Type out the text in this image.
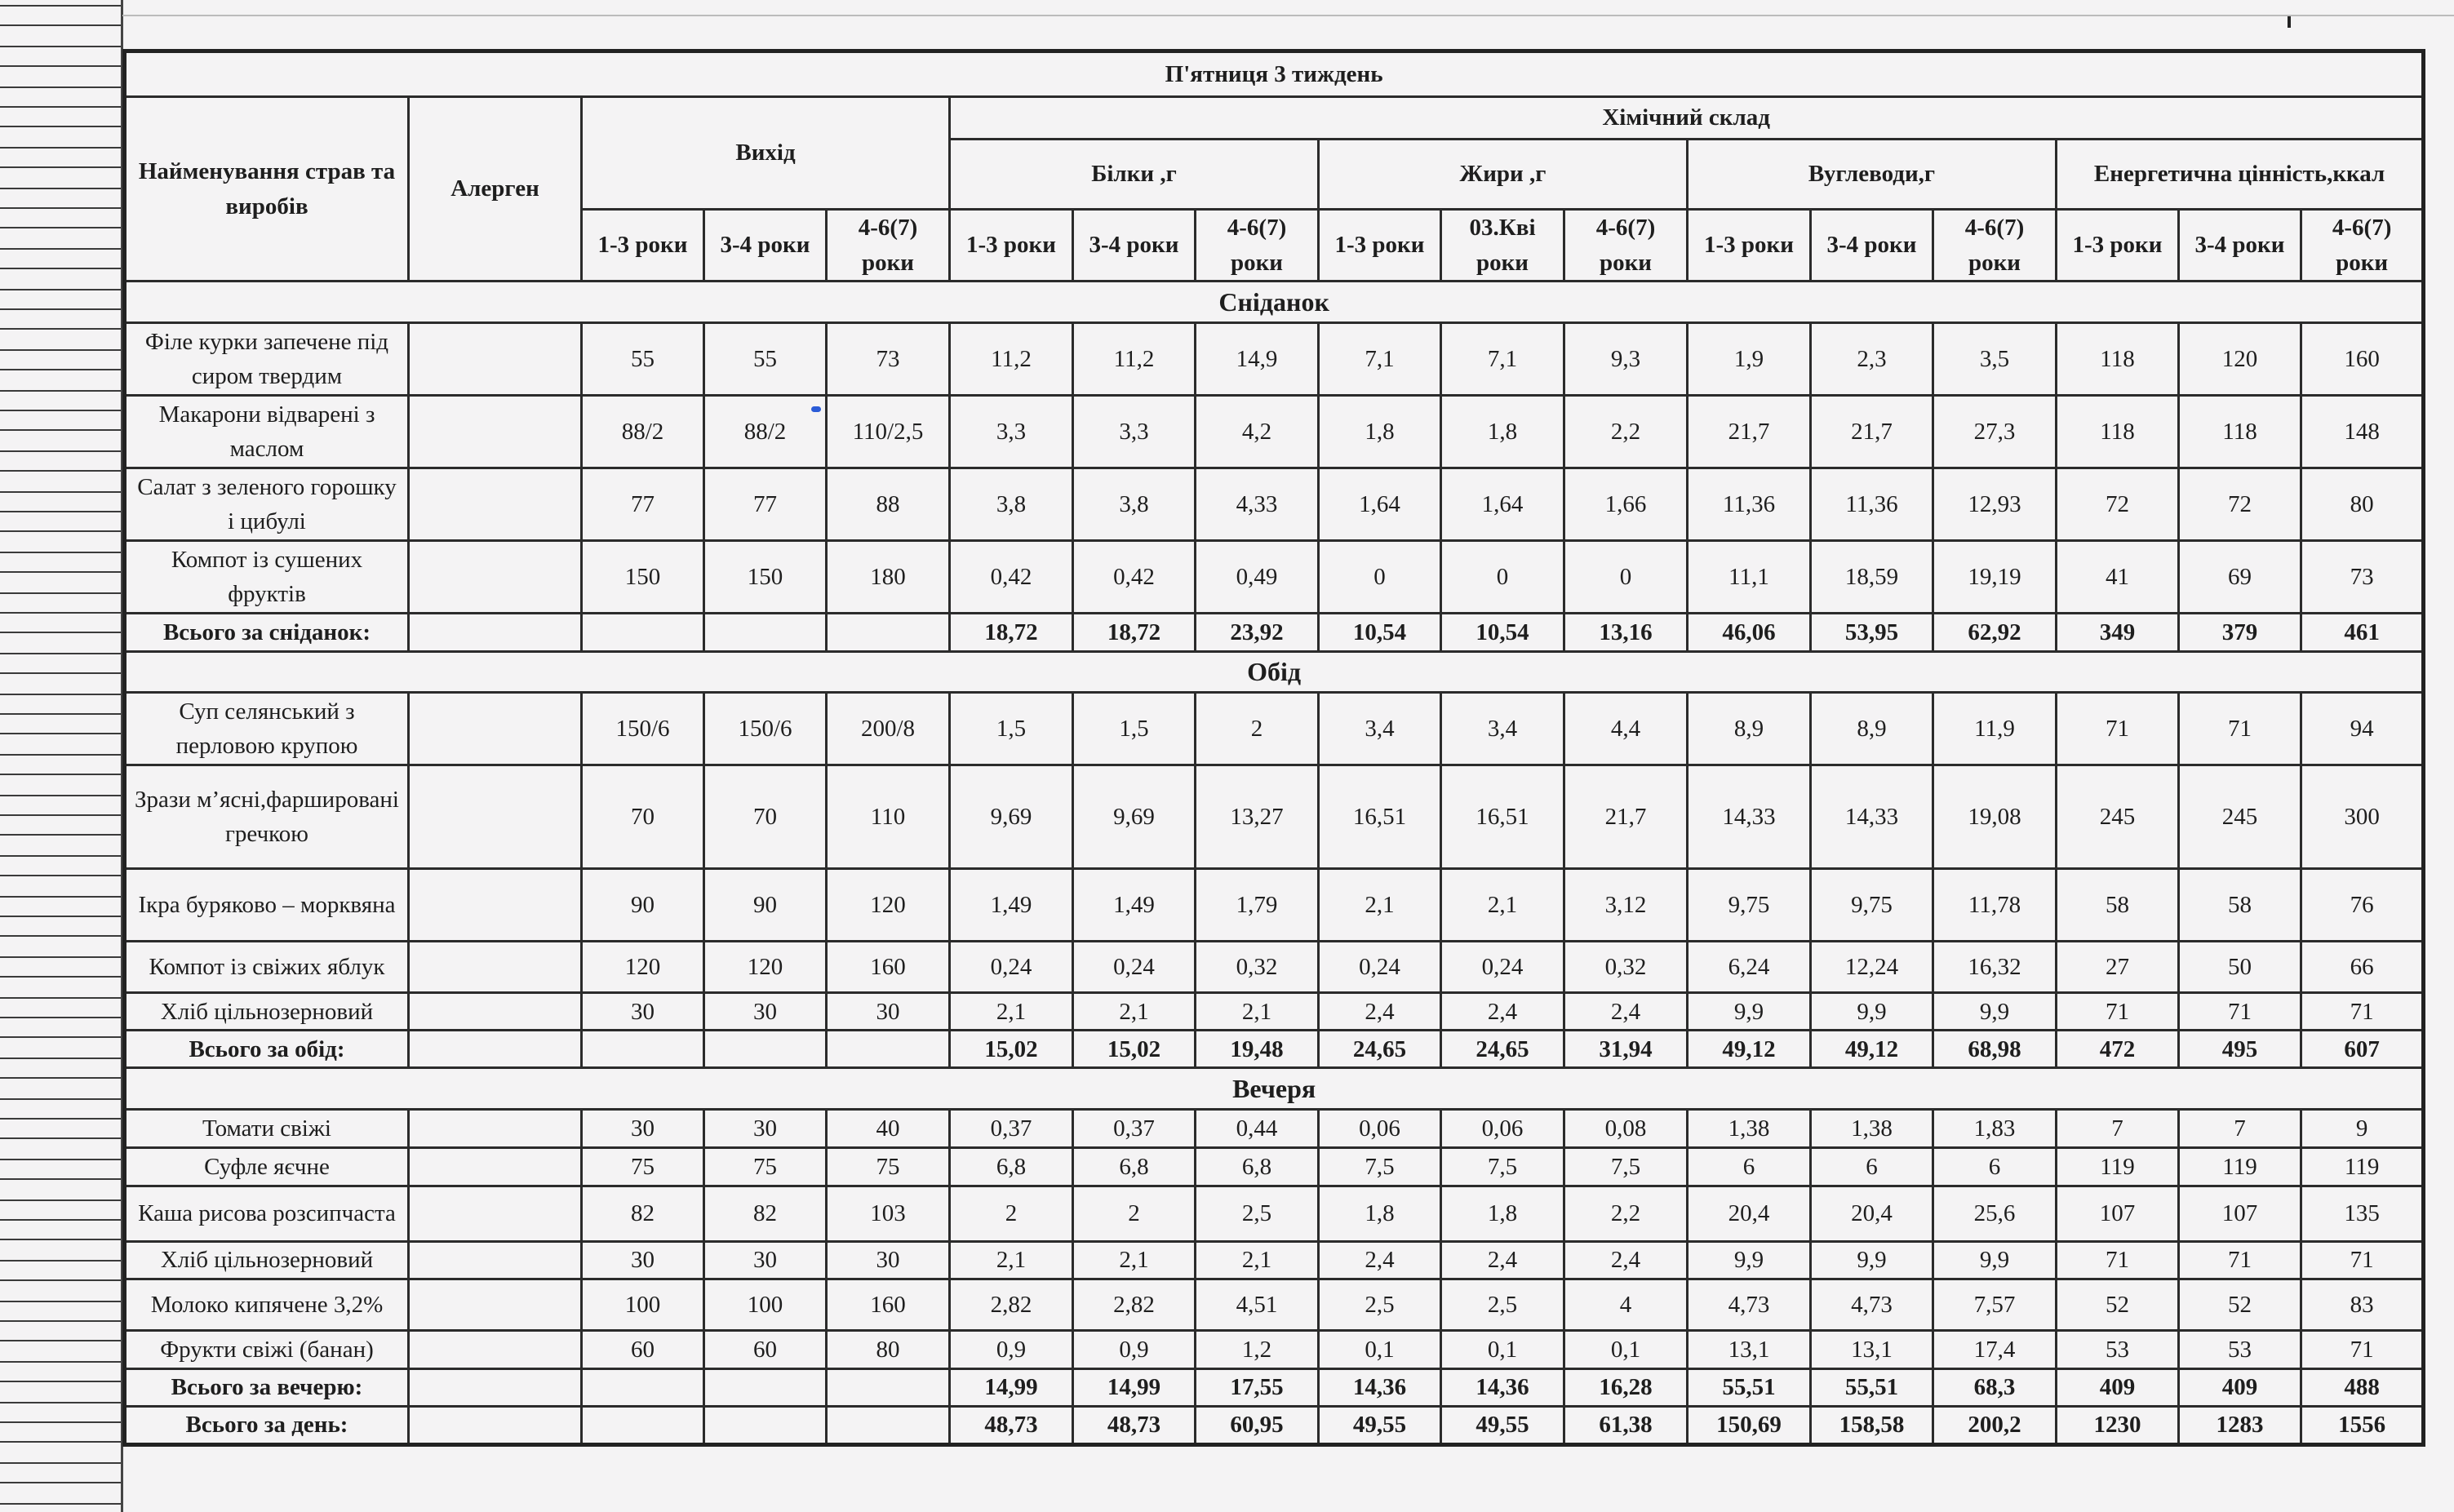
П'ятниця 3 тиждень																
Найменування страв та виробів	Алерген	Вихід			Хімічний склад											
					Білки ,г			Жири ,г			Вуглеводи,г			Енергетична цінність,ккал		
		1-3 роки	3-4 роки	4-6(7) роки	1-3 роки	3-4 роки	4-6(7) роки	1-3 роки	03.Кві роки	4-6(7) роки	1-3 роки	3-4 роки	4-6(7) роки	1-3 роки	3-4 роки	4-6(7) роки
Сніданок																
Філе курки запечене під сиром твердим		55	55	73	11,2	11,2	14,9	7,1	7,1	9,3	1,9	2,3	3,5	118	120	160
Макарони відварені з маслом		88/2	88/2	110/2,5	3,3	3,3	4,2	1,8	1,8	2,2	21,7	21,7	27,3	118	118	148
Салат з зеленого горошку і цибулі		77	77	88	3,8	3,8	4,33	1,64	1,64	1,66	11,36	11,36	12,93	72	72	80
Компот із сушених фруктів		150	150	180	0,42	0,42	0,49	0	0	0	11,1	18,59	19,19	41	69	73
Всього за сніданок:					18,72	18,72	23,92	10,54	10,54	13,16	46,06	53,95	62,92	349	379	461
Обід																
Суп селянський з перловою крупою		150/6	150/6	200/8	1,5	1,5	2	3,4	3,4	4,4	8,9	8,9	11,9	71	71	94
Зрази м’ясні,фаршировані гречкою		70	70	110	9,69	9,69	13,27	16,51	16,51	21,7	14,33	14,33	19,08	245	245	300
Ікра буряково – морквяна		90	90	120	1,49	1,49	1,79	2,1	2,1	3,12	9,75	9,75	11,78	58	58	76
Компот із свіжих яблук		120	120	160	0,24	0,24	0,32	0,24	0,24	0,32	6,24	12,24	16,32	27	50	66
Хліб цільнозерновий		30	30	30	2,1	2,1	2,1	2,4	2,4	2,4	9,9	9,9	9,9	71	71	71
Всього за обід:					15,02	15,02	19,48	24,65	24,65	31,94	49,12	49,12	68,98	472	495	607
Вечеря																
Томати свіжі		30	30	40	0,37	0,37	0,44	0,06	0,06	0,08	1,38	1,38	1,83	7	7	9
Суфле яєчне		75	75	75	6,8	6,8	6,8	7,5	7,5	7,5	6	6	6	119	119	119
Каша рисова розсипчаста		82	82	103	2	2	2,5	1,8	1,8	2,2	20,4	20,4	25,6	107	107	135
Хліб цільнозерновий		30	30	30	2,1	2,1	2,1	2,4	2,4	2,4	9,9	9,9	9,9	71	71	71
Молоко кипячене 3,2%		100	100	160	2,82	2,82	4,51	2,5	2,5	4	4,73	4,73	7,57	52	52	83
Фрукти свіжі (банан)		60	60	80	0,9	0,9	1,2	0,1	0,1	0,1	13,1	13,1	17,4	53	53	71
Всього за вечерю:					14,99	14,99	17,55	14,36	14,36	16,28	55,51	55,51	68,3	409	409	488
Всього за день:					48,73	48,73	60,95	49,55	49,55	61,38	150,69	158,58	200,2	1230	1283	1556
